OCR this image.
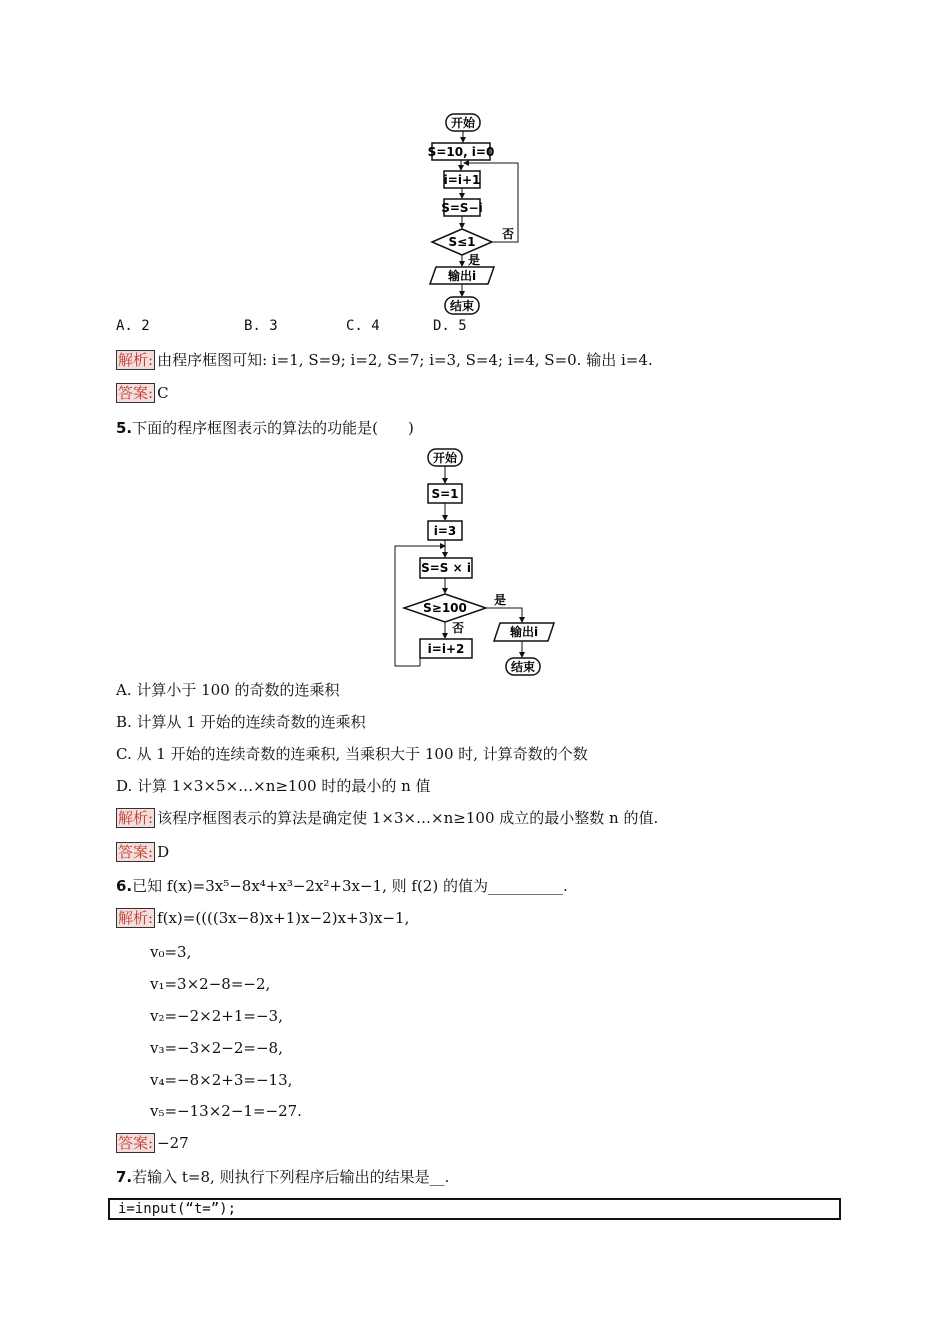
开始
S=10, i=0
i=i+1
S=S−i
S≤1
否
是
输出i
结束
A. 2	B. 3	C. 4	D. 5
解析: 由程序框图可知: i=1, S=9; i=2, S=7; i=3, S=4; i=4, S=0. 输出 i=4.
答案: C
5.下面的程序框图表示的算法的功能是(　　)
开始
S=1
i=3
S=S × i
S≥100
是
输出i
结束
否
i=i+2
A. 计算小于 100 的奇数的连乘积
B. 计算从 1 开始的连续奇数的连乘积
C. 从 1 开始的连续奇数的连乘积, 当乘积大于 100 时, 计算奇数的个数
D. 计算 1×3×5×…×n≥100 时的最小的 n 值
解析: 该程序框图表示的算法是确定使 1×3×…×n≥100 成立的最小整数 n 的值.
答案: D
6.已知 f(x)=3x⁵−8x⁴+x³−2x²+3x−1, 则 f(2) 的值为__________.
解析: f(x)=((((3x−8)x+1)x−2)x+3)x−1,
v₀=3,
v₁=3×2−8=−2,
v₂=−2×2+1=−3,
v₃=−3×2−2=−8,
v₄=−8×2+3=−13,
v₅=−13×2−1=−27.
答案: −27
7.若输入 t=8, 则执行下列程序后输出的结果是__.
i=input(“t=”);
